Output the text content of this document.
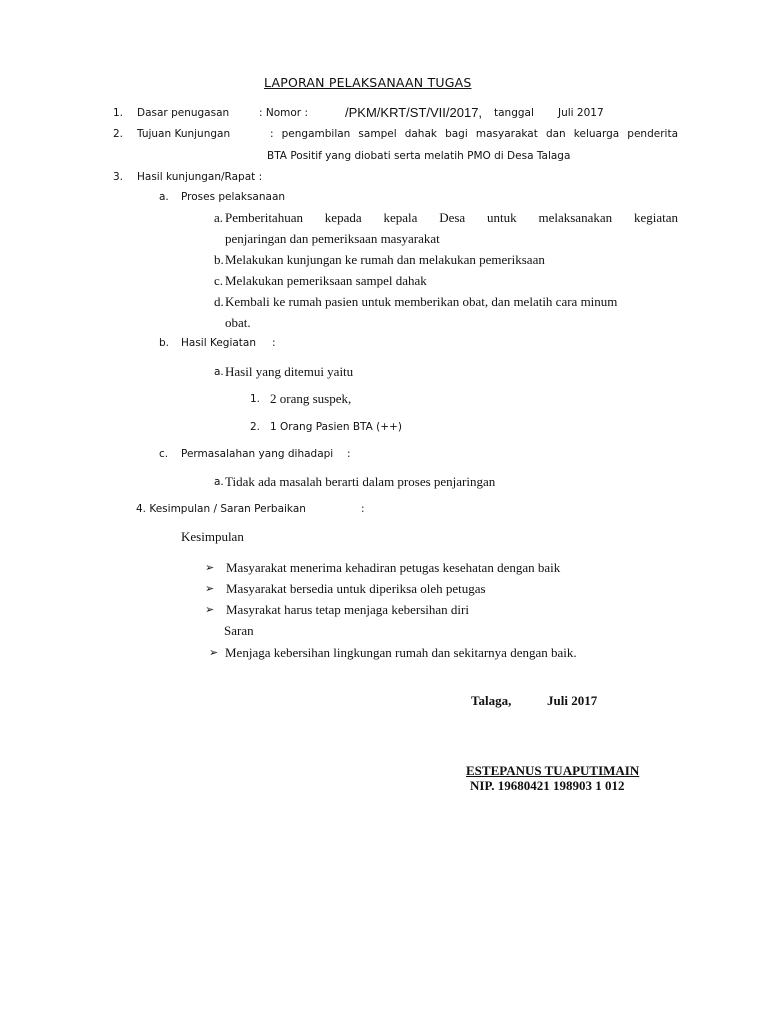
LAPORAN PELAKSANAAN TUGAS
1. Dasar penugasan	: Nomor :	/PKM/KRT/ST/VII/2017, tanggal Juli 2017
2. Tujuan Kunjungan	: pengambilan sampel dahak bagi masyarakat dan keluarga penderita
BTA Positif yang diobati serta melatih PMO di Desa Talaga
3. Hasil kunjungan/Rapat :
a. Proses pelaksanaan
a. Pemberitahuan kepada kepala Desa untuk melaksanakan kegiatan
penjaringan dan pemeriksaan masyarakat
b. Melakukan kunjungan ke rumah dan melakukan pemeriksaan
c. Melakukan pemeriksaan sampel dahak
d. Kembali ke rumah pasien untuk memberikan obat, dan melatih cara minum
obat.
b. Hasil Kegiatan :
a. Hasil yang ditemui yaitu
1. 2 orang suspek,
2. 1 Orang Pasien BTA (++)
c. Permasalahan yang dihadapi :
a. Tidak ada masalah berarti dalam proses penjaringan
4. Kesimpulan / Saran Perbaikan	:
Kesimpulan
➢ Masyarakat menerima kehadiran petugas kesehatan dengan baik
➢ Masyarakat bersedia untuk diperiksa oleh petugas
➢ Masyrakat harus tetap menjaga kebersihan diri
Saran
➢ Menjaga kebersihan lingkungan rumah dan sekitarnya dengan baik.
Talaga,	Juli 2017
ESTEPANUS TUAPUTIMAIN
NIP. 19680421 198903 1 012
